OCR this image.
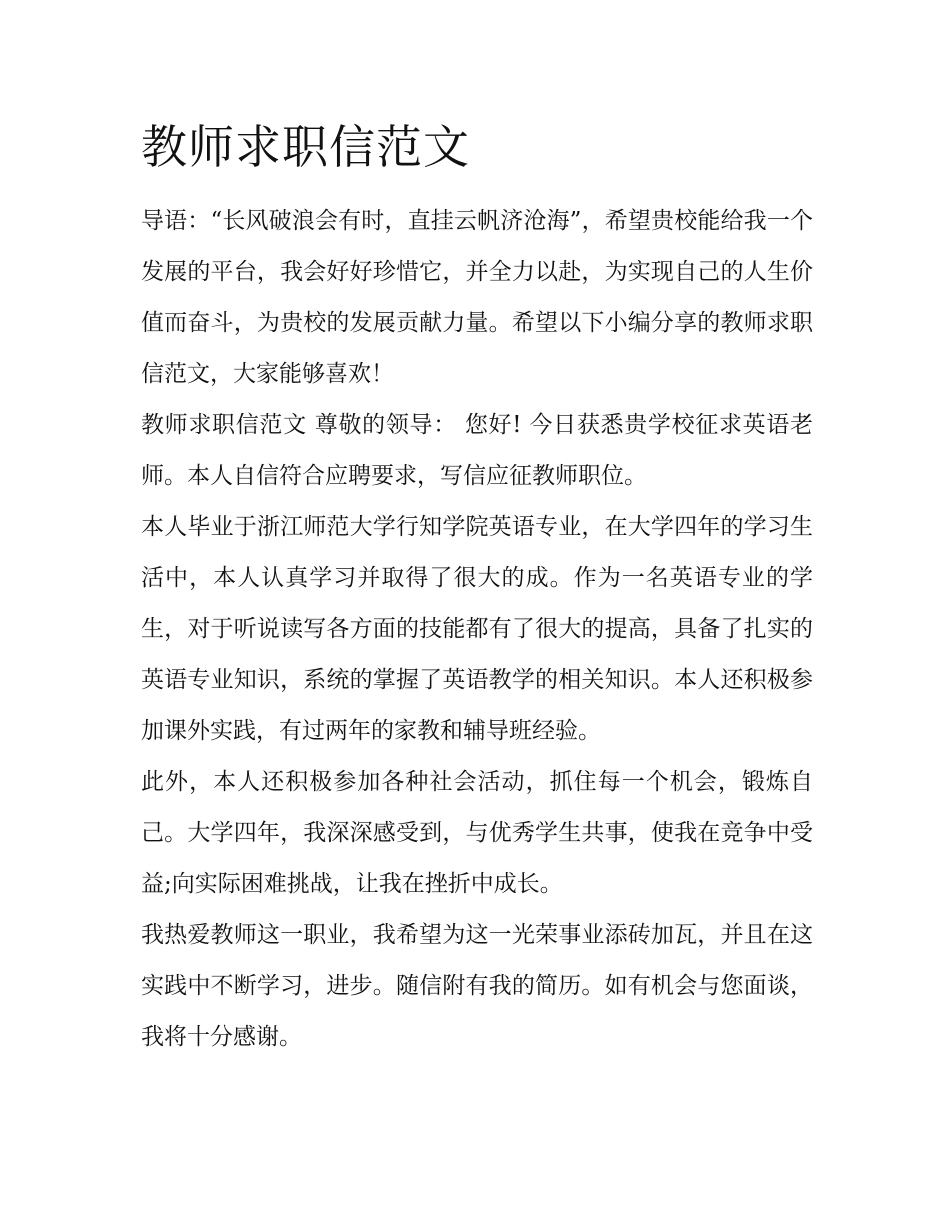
教师求职信范文

导语：“长风破浪会有时，直挂云帆济沧海”，希望贵校能给我一个发展的平台，我会好好珍惜它，并全力以赴，为实现自己的人生价值而奋斗，为贵校的发展贡献力量。希望以下小编分享的教师求职信范文，大家能够喜欢！

教师求职信范文 尊敬的领导： 您好! 今日获悉贵学校征求英语老师。本人自信符合应聘要求，写信应征教师职位。

本人毕业于浙江师范大学行知学院英语专业，在大学四年的学习生活中，本人认真学习并取得了很大的成。作为一名英语专业的学生，对于听说读写各方面的技能都有了很大的提高，具备了扎实的英语专业知识，系统的掌握了英语教学的相关知识。本人还积极参加课外实践，有过两年的家教和辅导班经验。

此外，本人还积极参加各种社会活动，抓住每一个机会，锻炼自己。大学四年，我深深感受到，与优秀学生共事，使我在竞争中受益;向实际困难挑战，让我在挫折中成长。

我热爱教师这一职业，我希望为这一光荣事业添砖加瓦，并且在这实践中不断学习，进步。随信附有我的简历。如有机会与您面谈，我将十分感谢。
